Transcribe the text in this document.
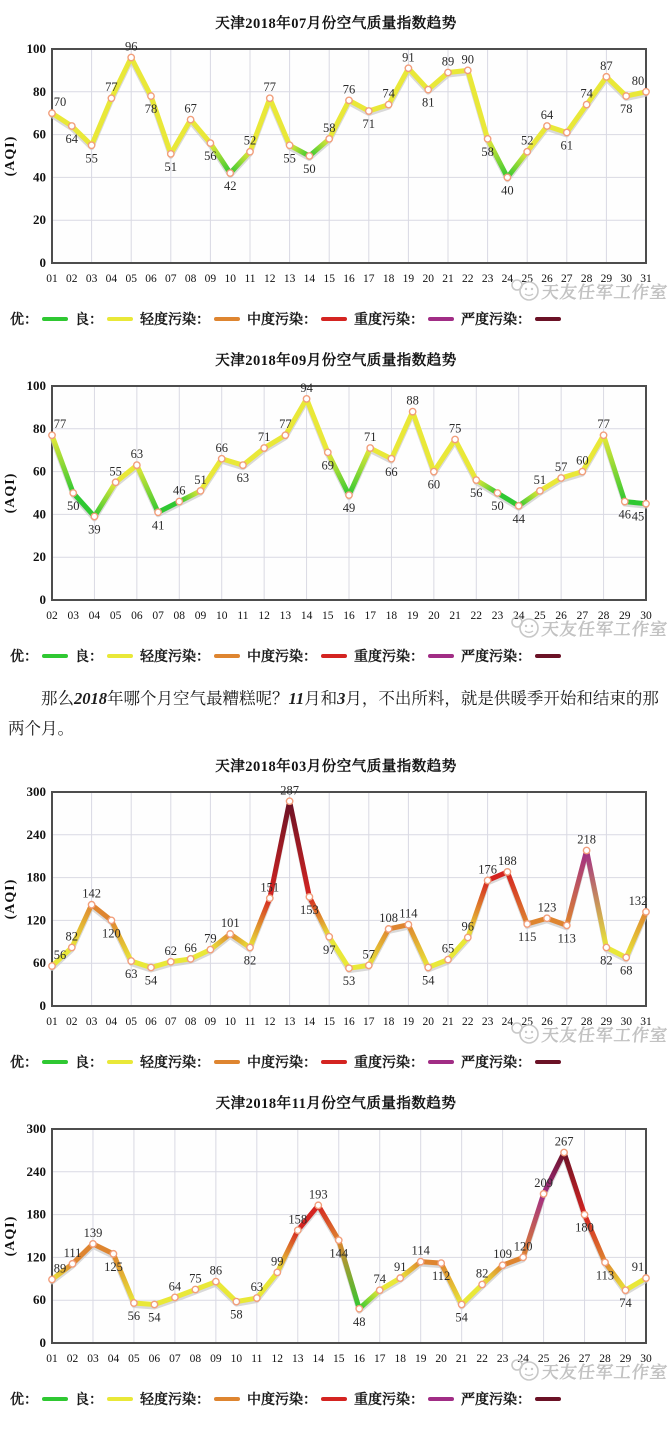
天津2018年07月份空气质量指数趋势
70
64
55
77
96
78
51
67
56
42
52
77
55
50
58
76
71
74
91
81
89 90
58
40
52
64
61
74
87
78
80
0
20
40
60
80
100
01 02 03 04 05 06 07 08 09 10 11 12 13 14 15 16 17 18 19 20 21 22 23 24 25 26 27 28 29 30 31
(AQI)
优：	良：	轻度污染：	中度污染：	重度污染：	严度污染：
天友任军工作室
天津2018年09月份空气质量指数趋势
77
50
39
55
63
41
46
51
66
63
71
77
94
69
49
71
66
88
60
75
56
50
44
51
57 60
77
46 45
0
20
40
60
80
100
02 03 04 05 06 07 08 09 10 11 12 13 14 15 16 17 18 19 20 21 22 23 24 25 26 27 28 29 30
(AQI)
优：	良：	轻度污染：	中度污染：	重度污染：	严度污染：
天友任军工作室

那么2018年哪个月空气最糟糕呢？11月和3月，不出所料，就是供暖季开始和结束的那两个月。

天津2018年03月份空气质量指数趋势
56
82
142
120
63 54
62 66
79
101
82
151
287
153
97
53
57
108 114
54
65
96
176
188
115
123
113
218
82
68
132
0
60
120
180
240
300
01 02 03 04 05 06 07 08 09 10 11 12 13 14 15 16 17 18 19 20 21 22 23 24 25 26 27 28 29 30 31
(AQI)
优：	良：	轻度污染：	中度污染：	重度污染：	严度污染：
天友任军工作室
天津2018年11月份空气质量指数趋势
89
111
139
125
56 54
64
75
86
58
63
99
158
193
144
48
74
91
114
112
54
82
109
120
209
267
180
113
74
91
0
60
120
180
240
300
01 02 03 04 05 06 07 08 09 10 11 12 13 14 15 16 17 18 19 20 21 22 23 24 25 26 27 28 29 30
(AQI)
优：	良：	轻度污染：	中度污染：	重度污染：	严度污染：
天友任军工作室
